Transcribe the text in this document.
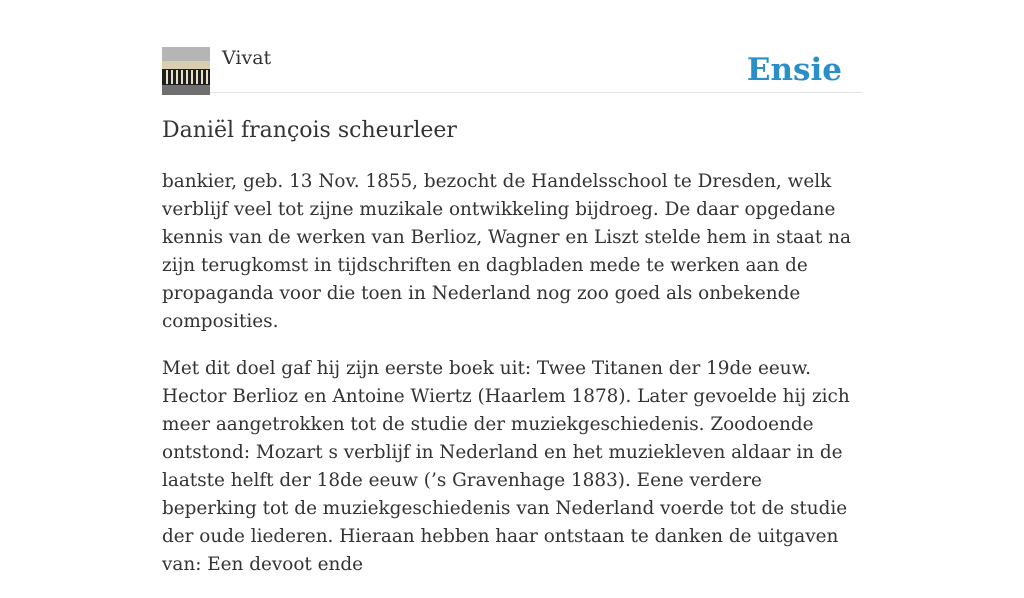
Vivat	Ensie
Daniël françois scheurleer

bankier, geb. 13 Nov. 1855, bezocht de Handelsschool te Dresden, welk verblijf veel tot zijne muzikale ontwikkeling bijdroeg. De daar opgedane kennis van de werken van Berlioz, Wagner en Liszt stelde hem in staat na zijn terugkomst in tijdschriften en dagbladen mede te werken aan de propaganda voor die toen in Nederland nog zoo goed als onbekende composities.

Met dit doel gaf hij zijn eerste boek uit: Twee Titanen der 19de eeuw. Hector Berlioz en Antoine Wiertz (Haarlem 1878). Later gevoelde hij zich meer aangetrokken tot de studie der muziekgeschiedenis. Zoodoende ontstond: Mozart s verblijf in Nederland en het muziekleven aldaar in de laatste helft der 18de eeuw (’s Gravenhage 1883). Eene verdere beperking tot de muziekgeschiedenis van Nederland voerde tot de studie der oude liederen. Hieraan hebben haar ontstaan te danken de uitgaven van: Een devoot ende
